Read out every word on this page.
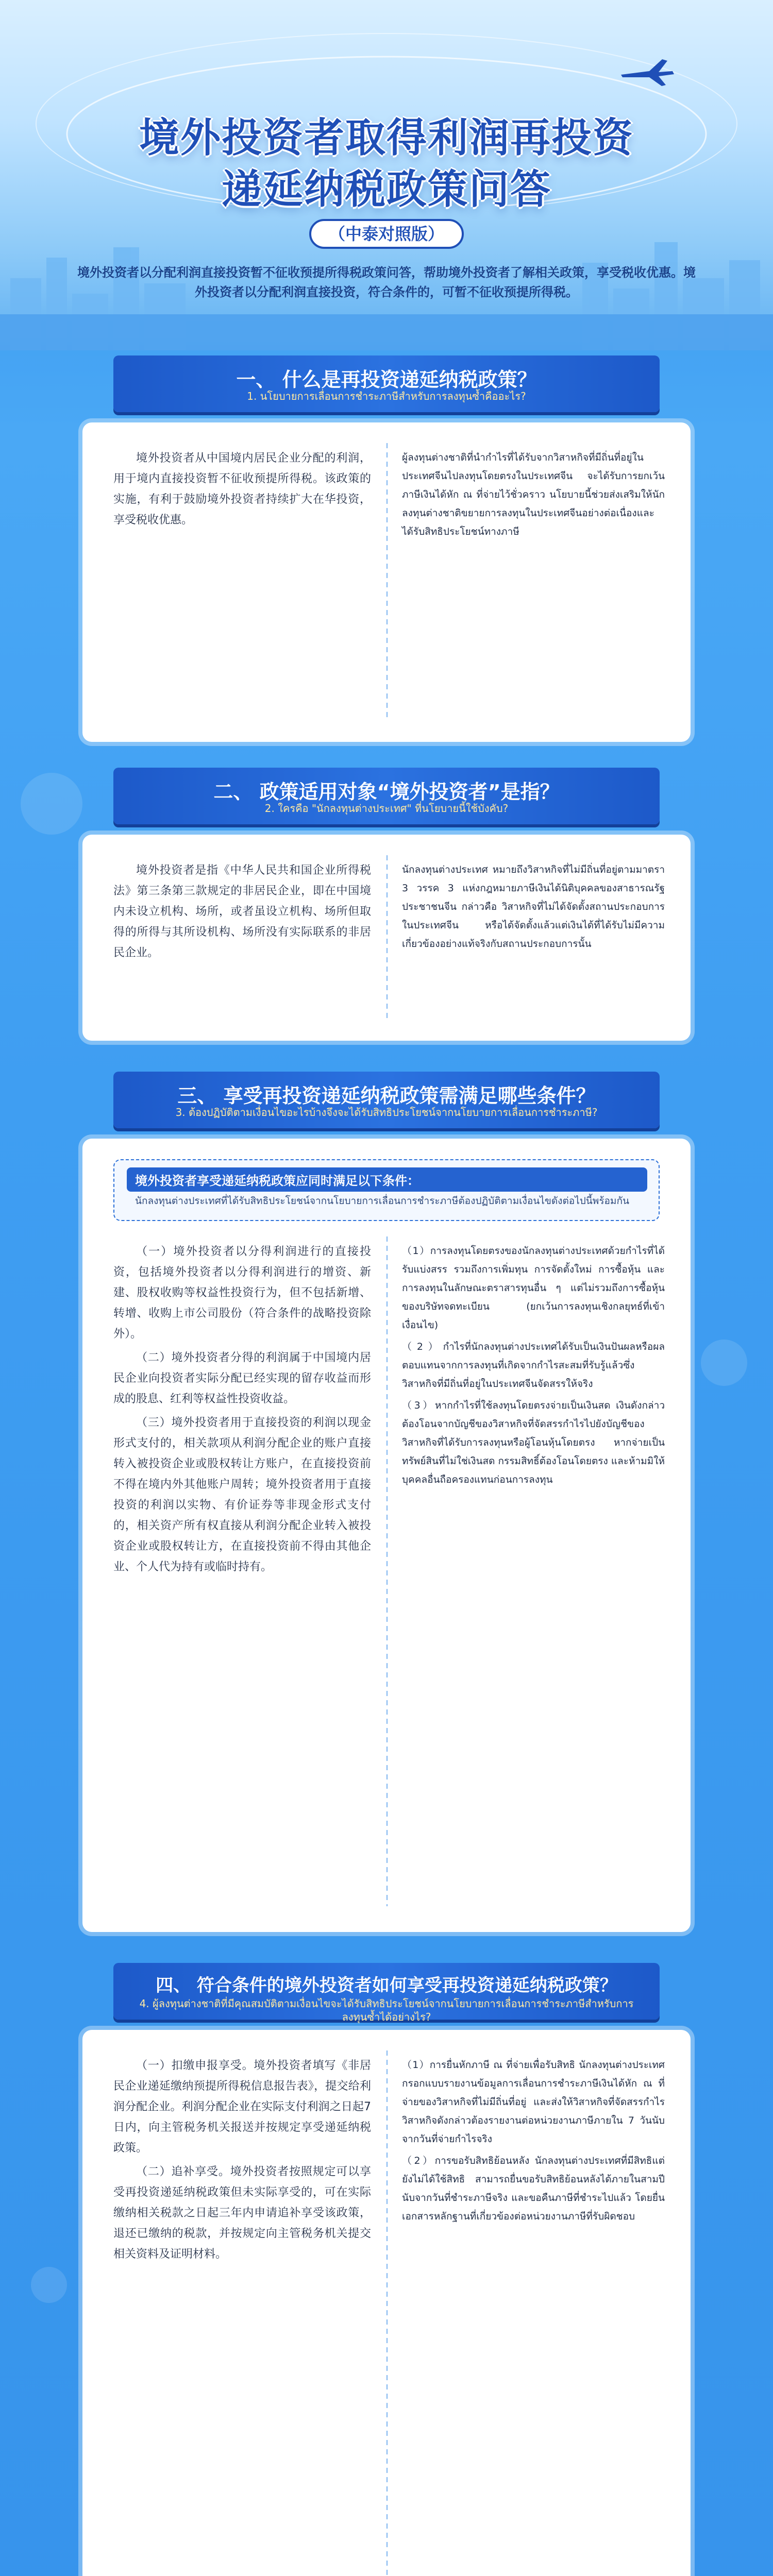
境外投资者取得利润再投资
递延纳税政策问答
（中泰对照版）
境外投资者以分配利润直接投资暂不征收预提所得税政策问答，帮助境外投资者了解相关政策，享受税收优惠。境外投资者以分配利润直接投资，符合条件的，可暂不征收预提所得税。
一、 什么是再投资递延纳税政策？
1. นโยบายการเลื่อนการชำระภาษีสำหรับการลงทุนซ้ำคืออะไร?

境外投资者从中国境内居民企业分配的利润，用于境内直接投资暂不征收预提所得税。该政策的实施，有利于鼓励境外投资者持续扩大在华投资，享受税收优惠。

ผู้ลงทุนต่างชาติที่นำกำไรที่ได้รับจากวิสาหกิจที่มีถิ่นที่อยู่ในประเทศจีนไปลงทุนโดยตรงในประเทศจีน จะได้รับการยกเว้นภาษีเงินได้หัก ณ ที่จ่ายไว้ชั่วคราว นโยบายนี้ช่วยส่งเสริมให้นักลงทุนต่างชาติขยายการลงทุนในประเทศจีนอย่างต่อเนื่องและได้รับสิทธิประโยชน์ทางภาษี

二、 政策适用对象“境外投资者”是指？
2. ใครคือ "นักลงทุนต่างประเทศ" ที่นโยบายนี้ใช้บังคับ?

境外投资者是指《中华人民共和国企业所得税法》第三条第三款规定的非居民企业，即在中国境内未设立机构、场所，或者虽设立机构、场所但取得的所得与其所设机构、场所没有实际联系的非居民企业。

นักลงทุนต่างประเทศ หมายถึงวิสาหกิจที่ไม่มีถิ่นที่อยู่ตามมาตรา 3 วรรค 3 แห่งกฎหมายภาษีเงินได้นิติบุคคลของสาธารณรัฐประชาชนจีน กล่าวคือ วิสาหกิจที่ไม่ได้จัดตั้งสถานประกอบการในประเทศจีน หรือได้จัดตั้งแล้วแต่เงินได้ที่ได้รับไม่มีความเกี่ยวข้องอย่างแท้จริงกับสถานประกอบการนั้น

三、 享受再投资递延纳税政策需满足哪些条件？
3. ต้องปฏิบัติตามเงื่อนไขอะไรบ้างจึงจะได้รับสิทธิประโยชน์จากนโยบายการเลื่อนการชำระภาษี?
境外投资者享受递延纳税政策应同时满足以下条件：
นักลงทุนต่างประเทศที่ได้รับสิทธิประโยชน์จากนโยบายการเลื่อนการชำระภาษีต้องปฏิบัติตามเงื่อนไขดังต่อไปนี้พร้อมกัน

（一）境外投资者以分得利润进行的直接投资，包括境外投资者以分得利润进行的增资、新建、股权收购等权益性投资行为，但不包括新增、转增、收购上市公司股份（符合条件的战略投资除外）。

（二）境外投资者分得的利润属于中国境内居民企业向投资者实际分配已经实现的留存收益而形成的股息、红利等权益性投资收益。

（三）境外投资者用于直接投资的利润以现金形式支付的，相关款项从利润分配企业的账户直接转入被投资企业或股权转让方账户，在直接投资前不得在境内外其他账户周转；境外投资者用于直接投资的利润以实物、有价证券等非现金形式支付的，相关资产所有权直接从利润分配企业转入被投资企业或股权转让方，在直接投资前不得由其他企业、个人代为持有或临时持有。

（1）การลงทุนโดยตรงของนักลงทุนต่างประเทศด้วยกำไรที่ได้รับแบ่งสรร รวมถึงการเพิ่มทุน การจัดตั้งใหม่ การซื้อหุ้น และการลงทุนในลักษณะตราสารทุนอื่น ๆ แต่ไม่รวมถึงการซื้อหุ้นของบริษัทจดทะเบียน (ยกเว้นการลงทุนเชิงกลยุทธ์ที่เข้าเงื่อนไข)

（2）กำไรที่นักลงทุนต่างประเทศได้รับเป็นเงินปันผลหรือผลตอบแทนจากการลงทุนที่เกิดจากกำไรสะสมที่รับรู้แล้วซึ่งวิสาหกิจที่มีถิ่นที่อยู่ในประเทศจีนจัดสรรให้จริง

（3）หากกำไรที่ใช้ลงทุนโดยตรงจ่ายเป็นเงินสด เงินดังกล่าวต้องโอนจากบัญชีของวิสาหกิจที่จัดสรรกำไรไปยังบัญชีของวิสาหกิจที่ได้รับการลงทุนหรือผู้โอนหุ้นโดยตรง หากจ่ายเป็นทรัพย์สินที่ไม่ใช่เงินสด กรรมสิทธิ์ต้องโอนโดยตรง และห้ามมิให้บุคคลอื่นถือครองแทนก่อนการลงทุน

四、 符合条件的境外投资者如何享受再投资递延纳税政策？
4. ผู้ลงทุนต่างชาติที่มีคุณสมบัติตามเงื่อนไขจะได้รับสิทธิประโยชน์จากนโยบายการเลื่อนการชำระภาษีสำหรับการลงทุนซ้ำได้อย่างไร?

（一）扣缴申报享受。境外投资者填写《非居民企业递延缴纳预提所得税信息报告表》，提交给利润分配企业。利润分配企业在实际支付利润之日起7日内，向主管税务机关报送并按规定享受递延纳税政策。

（二）追补享受。境外投资者按照规定可以享受再投资递延纳税政策但未实际享受的，可在实际缴纳相关税款之日起三年内申请追补享受该政策，退还已缴纳的税款，并按规定向主管税务机关提交相关资料及证明材料。

（1）การยื่นหักภาษี ณ ที่จ่ายเพื่อรับสิทธิ นักลงทุนต่างประเทศกรอกแบบรายงานข้อมูลการเลื่อนการชำระภาษีเงินได้หัก ณ ที่จ่ายของวิสาหกิจที่ไม่มีถิ่นที่อยู่ และส่งให้วิสาหกิจที่จัดสรรกำไร วิสาหกิจดังกล่าวต้องรายงานต่อหน่วยงานภาษีภายใน 7 วันนับจากวันที่จ่ายกำไรจริง

（2）การขอรับสิทธิย้อนหลัง นักลงทุนต่างประเทศที่มีสิทธิแต่ยังไม่ได้ใช้สิทธิ สามารถยื่นขอรับสิทธิย้อนหลังได้ภายในสามปีนับจากวันที่ชำระภาษีจริง และขอคืนภาษีที่ชำระไปแล้ว โดยยื่นเอกสารหลักฐานที่เกี่ยวข้องต่อหน่วยงานภาษีที่รับผิดชอบ
